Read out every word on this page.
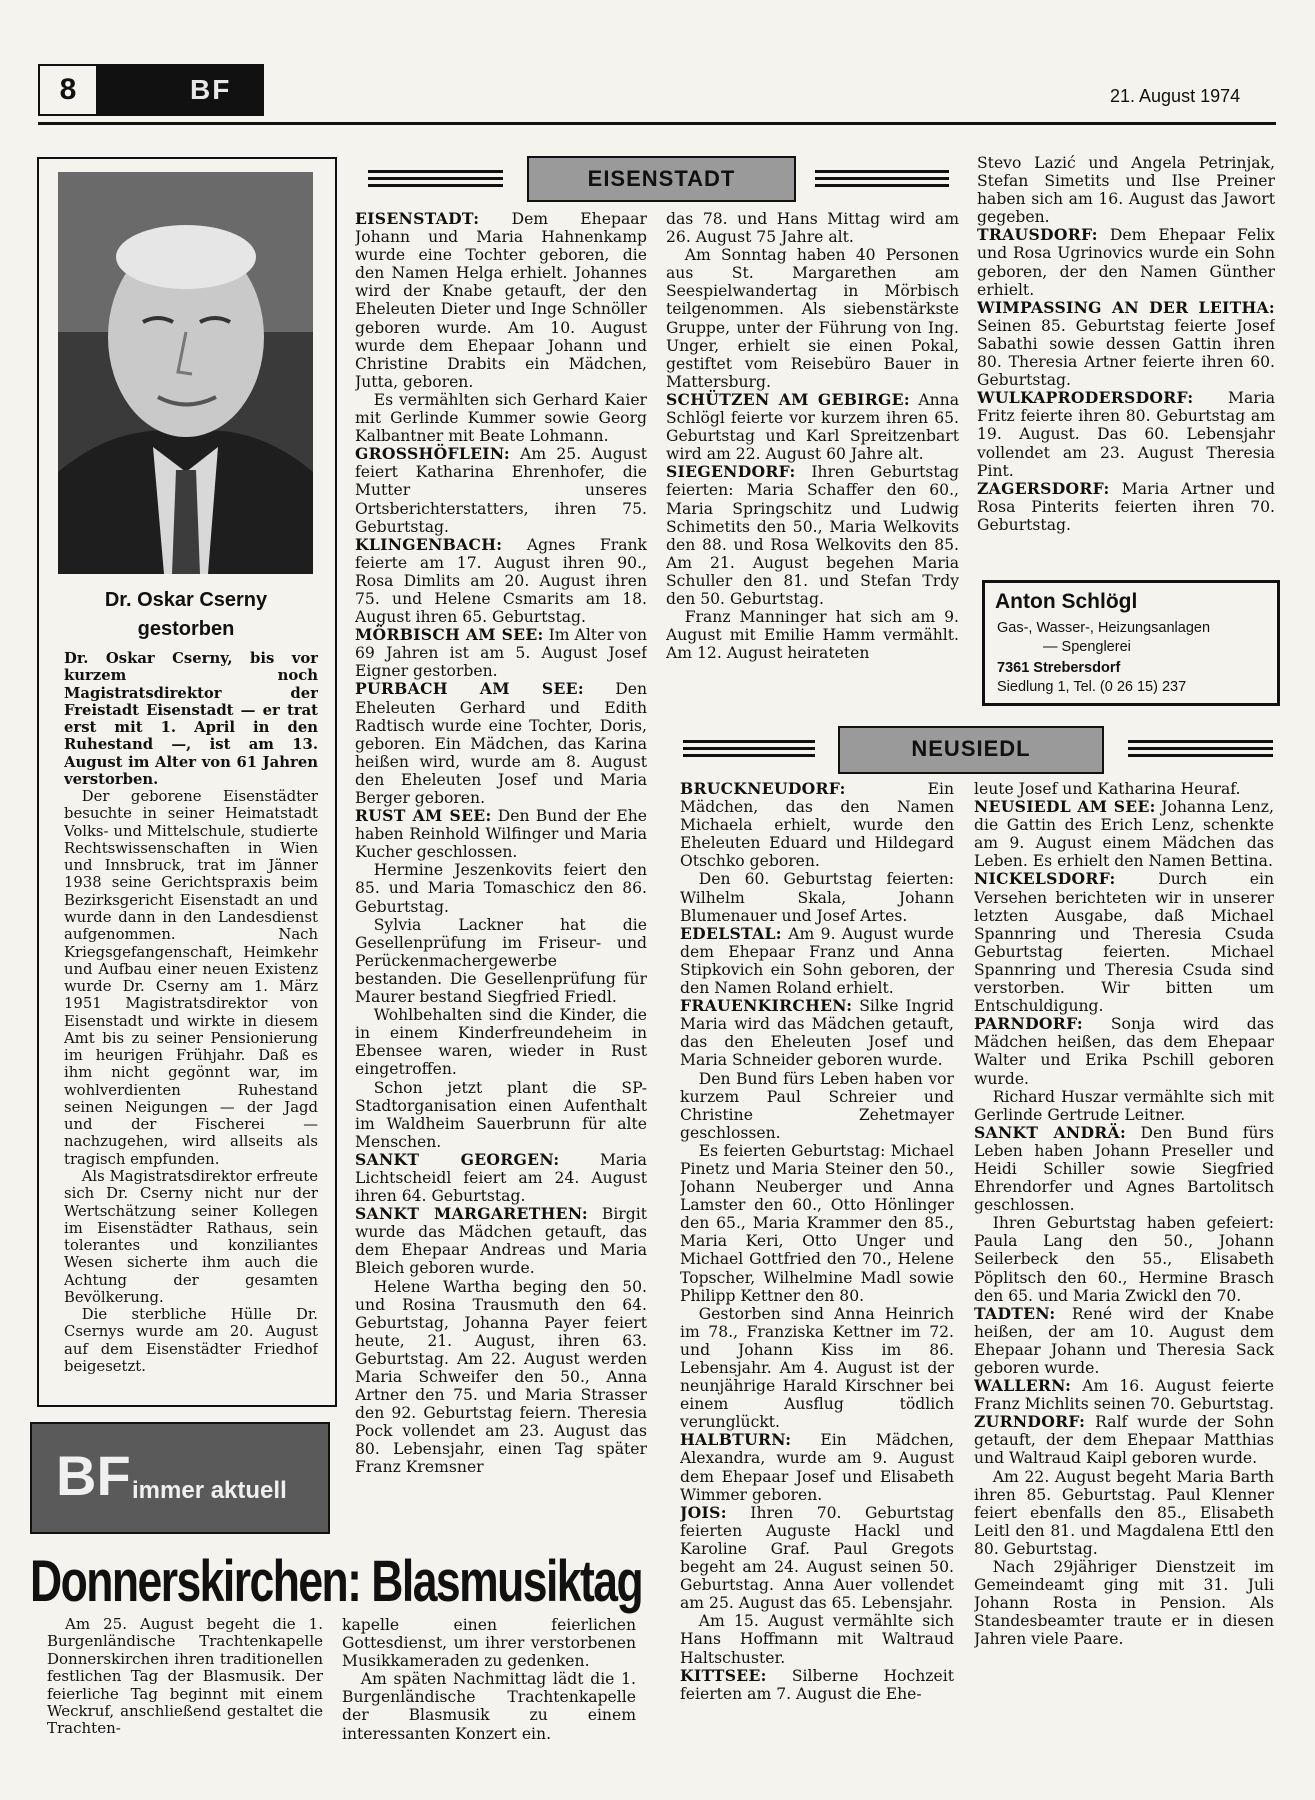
8	BF	21. August 1974
Dr. Oskar Cserny
gestorben

Dr. Oskar Cserny, bis vor kurzem noch Magistratsdirektor der Freistadt Eisenstadt — er trat erst mit 1. April in den Ruhestand —, ist am 13. August im Alter von 61 Jahren verstorben.

Der geborene Eisenstädter besuchte in seiner Heimatstadt Volks- und Mittelschule, studierte Rechtswissenschaften in Wien und Innsbruck, trat im Jänner 1938 seine Gerichtspraxis beim Bezirksgericht Eisenstadt an und wurde dann in den Landesdienst aufgenommen. Nach Kriegsgefangenschaft, Heimkehr und Aufbau einer neuen Existenz wurde Dr. Cserny am 1. März 1951 Magistratsdirektor von Eisenstadt und wirkte in diesem Amt bis zu seiner Pensionierung im heurigen Frühjahr. Daß es ihm nicht gegönnt war, im wohlverdienten Ruhestand seinen Neigungen — der Jagd und der Fischerei — nachzugehen, wird allseits als tragisch empfunden.

Als Magistratsdirektor erfreute sich Dr. Cserny nicht nur der Wertschätzung seiner Kollegen im Eisenstädter Rathaus, sein tolerantes und konziliantes Wesen sicherte ihm auch die Achtung der gesamten Bevölkerung.

Die sterbliche Hülle Dr. Csernys wurde am 20. August auf dem Eisenstädter Friedhof beigesetzt.

EISENSTADT

EISENSTADT: Dem Ehepaar Johann und Maria Hahnenkamp wurde eine Tochter geboren, die den Namen Helga erhielt. Johannes wird der Knabe getauft, der den Eheleuten Dieter und Inge Schnöller geboren wurde. Am 10. August wurde dem Ehepaar Johann und Christine Drabits ein Mädchen, Jutta, geboren.

Es vermählten sich Gerhard Kaier mit Gerlinde Kummer sowie Georg Kalbantner mit Beate Lohmann.

GROSSHÖFLEIN: Am 25. August feiert Katharina Ehrenhofer, die Mutter unseres Ortsberichterstatters, ihren 75. Geburtstag.

KLINGENBACH: Agnes Frank feierte am 17. August ihren 90., Rosa Dimlits am 20. August ihren 75. und Helene Csmarits am 18. August ihren 65. Geburtstag.

MÖRBISCH AM SEE: Im Alter von 69 Jahren ist am 5. August Josef Eigner gestorben.

PURBACH AM SEE: Den Eheleuten Gerhard und Edith Radtisch wurde eine Tochter, Doris, geboren. Ein Mädchen, das Karina heißen wird, wurde am 8. August den Eheleuten Josef und Maria Berger geboren.

RUST AM SEE: Den Bund der Ehe haben Reinhold Wilfinger und Maria Kucher geschlossen.

Hermine Jeszenkovits feiert den 85. und Maria Tomaschicz den 86. Geburtstag.

Sylvia Lackner hat die Gesellenprüfung im Friseur- und Perückenmachergewerbe bestanden. Die Gesellenprüfung für Maurer bestand Siegfried Friedl.

Wohlbehalten sind die Kinder, die in einem Kinderfreundeheim in Ebensee waren, wieder in Rust eingetroffen.

Schon jetzt plant die SP-Stadtorganisation einen Aufenthalt im Waldheim Sauerbrunn für alte Menschen.

SANKT GEORGEN:	Maria Lichtscheidl feiert am 24. August ihren 64. Geburtstag.

SANKT MARGARETHEN: Birgit wurde das Mädchen getauft, das dem Ehepaar Andreas und Maria Bleich geboren wurde.

Helene Wartha beging den 50. und Rosina Trausmuth den 64. Geburtstag, Johanna Payer feiert heute, 21. August, ihren 63. Geburtstag. Am 22. August werden Maria Schweifer den 50., Anna Artner den 75. und Maria Strasser den 92. Geburtstag feiern. Theresia Pock vollendet am 23. August das 80. Lebensjahr, einen Tag später Franz Kremsner

das 78. und Hans Mittag wird am 26. August 75 Jahre alt.

Am Sonntag haben 40 Personen aus St. Margarethen am Seespielwandertag in Mörbisch teilgenommen. Als siebenstärkste Gruppe, unter der Führung von Ing. Unger, erhielt sie einen Pokal, gestiftet vom Reisebüro Bauer in Mattersburg.

SCHÜTZEN AM GEBIRGE: Anna Schlögl feierte vor kurzem ihren 65. Geburtstag und Karl Spreitzenbart wird am 22. August 60 Jahre alt.

SIEGENDORF: Ihren Geburtstag feierten: Maria Schaffer den 60., Maria Springschitz und Ludwig Schimetits den 50., Maria Welkovits den 88. und Rosa Welkovits den 85. Am 21. August begehen Maria Schuller den 81. und Stefan Trdy den 50. Geburtstag.

Franz Manninger hat sich am 9. August mit Emilie Hamm vermählt. Am 12. August heirateten

Stevo Lazić und Angela Petrinjak, Stefan Simetits und Ilse Preiner haben sich am 16. August das Jawort gegeben.

TRAUSDORF: Dem Ehepaar Felix und Rosa Ugrinovics wurde ein Sohn geboren, der den Namen Günther erhielt.

WIMPASSING AN DER LEITHA: Seinen 85. Geburtstag feierte Josef Sabathi sowie dessen Gattin ihren 80. Theresia Artner feierte ihren 60. Geburtstag.

WULKAPRODERSDORF: Maria Fritz feierte ihren 80. Geburtstag am 19. August. Das 60. Lebensjahr vollendet am 23. August Theresia Pint.

ZAGERSDORF: Maria Artner und Rosa Pinterits feierten ihren 70. Geburtstag.

Anton Schlögl
Gas-, Wasser-, Heizungsanlagen
— Spenglerei
7361 Strebersdorf
Siedlung 1, Tel. (0 26 15) 237
NEUSIEDL

BRUCKNEUDORF:	Ein Mädchen, das den Namen Michaela erhielt, wurde den Eheleuten Eduard und Hildegard Otschko geboren.

Den 60. Geburtstag feierten: Wilhelm Skala, Johann Blumenauer und Josef Artes.

EDELSTAL: Am 9. August wurde dem Ehepaar Franz und Anna Stipkovich ein Sohn geboren, der den Namen Roland erhielt.

FRAUENKIRCHEN: Silke Ingrid Maria wird das Mädchen getauft, das den Eheleuten Josef und Maria Schneider geboren wurde.

Den Bund fürs Leben haben vor kurzem Paul Schreier und Christine Zehetmayer geschlossen.

Es feierten Geburtstag: Michael Pinetz und Maria Steiner den 50., Johann Neuberger und Anna Lamster den 60., Otto Hönlinger den 65., Maria Krammer den 85., Maria Keri, Otto Unger und Michael Gottfried den 70., Helene Topscher, Wilhelmine Madl sowie Philipp Kettner den 80.

Gestorben sind Anna Heinrich im 78., Franziska Kettner im 72. und Johann Kiss im 86. Lebensjahr. Am 4. August ist der neunjährige Harald Kirschner bei einem Ausflug tödlich verunglückt.

HALBTURN: Ein Mädchen, Alexandra, wurde am 9. August dem Ehepaar Josef und Elisabeth Wimmer geboren.

JOIS: Ihren 70. Geburtstag feierten Auguste Hackl und Karoline Graf. Paul Gregots begeht am 24. August seinen 50. Geburtstag. Anna Auer vollendet am 25. August das 65. Lebensjahr.

Am 15. August vermählte sich Hans Hoffmann mit Waltraud Haltschuster.

KITTSEE: Silberne Hochzeit feierten am 7. August die Ehe-

leute Josef und Katharina Heuraf.

NEUSIEDL AM SEE: Johanna Lenz, die Gattin des Erich Lenz, schenkte am 9. August einem Mädchen das Leben. Es erhielt den Namen Bettina.

NICKELSDORF:	Durch ein Versehen berichteten wir in unserer letzten Ausgabe, daß Michael Spannring und Theresia Csuda Geburtstag feierten. Michael Spannring und Theresia Csuda sind verstorben. Wir bitten um Entschuldigung.

PARNDORF: Sonja wird das Mädchen heißen, das dem Ehepaar Walter und Erika Pschill geboren wurde.

Richard Huszar vermählte sich mit Gerlinde Gertrude Leitner.

SANKT ANDRÄ: Den Bund fürs Leben haben Johann Preseller und Heidi Schiller sowie Siegfried Ehrendorfer und Agnes Bartolitsch geschlossen.

Ihren Geburtstag haben gefeiert: Paula Lang den 50., Johann Seilerbeck den 55., Elisabeth Pöplitsch den 60., Hermine Brasch den 65. und Maria Zwickl den 70.

TADTEN: René wird der Knabe heißen, der am 10. August dem Ehepaar Johann und Theresia Sack geboren wurde.

WALLERN: Am 16. August feierte Franz Michlits seinen 70. Geburtstag.

ZURNDORF: Ralf wurde der Sohn getauft, der dem Ehepaar Matthias und Waltraud Kaipl geboren wurde.

Am 22. August begeht Maria Barth ihren 85. Geburtstag. Paul Klenner feiert ebenfalls den 85., Elisabeth Leitl den 81. und Magdalena Ettl den 80. Geburtstag.

Nach 29jähriger Dienstzeit im Gemeindeamt ging mit 31. Juli Johann Rosta in Pension. Als Standesbeamter traute er in diesen Jahren viele Paare.

BF immer aktuell
Donnerskirchen: Blasmusiktag

Am 25. August begeht die 1. Burgenländische Trachtenkapelle Donnerskirchen ihren traditionellen festlichen Tag der Blasmusik. Der feierliche Tag beginnt mit einem Weckruf, anschließend gestaltet die Trachten-

kapelle einen feierlichen Gottesdienst, um ihrer verstorbenen Musikkameraden zu gedenken.

Am späten Nachmittag lädt die 1. Burgenländische Trachtenkapelle der Blasmusik zu einem interessanten Konzert ein.
